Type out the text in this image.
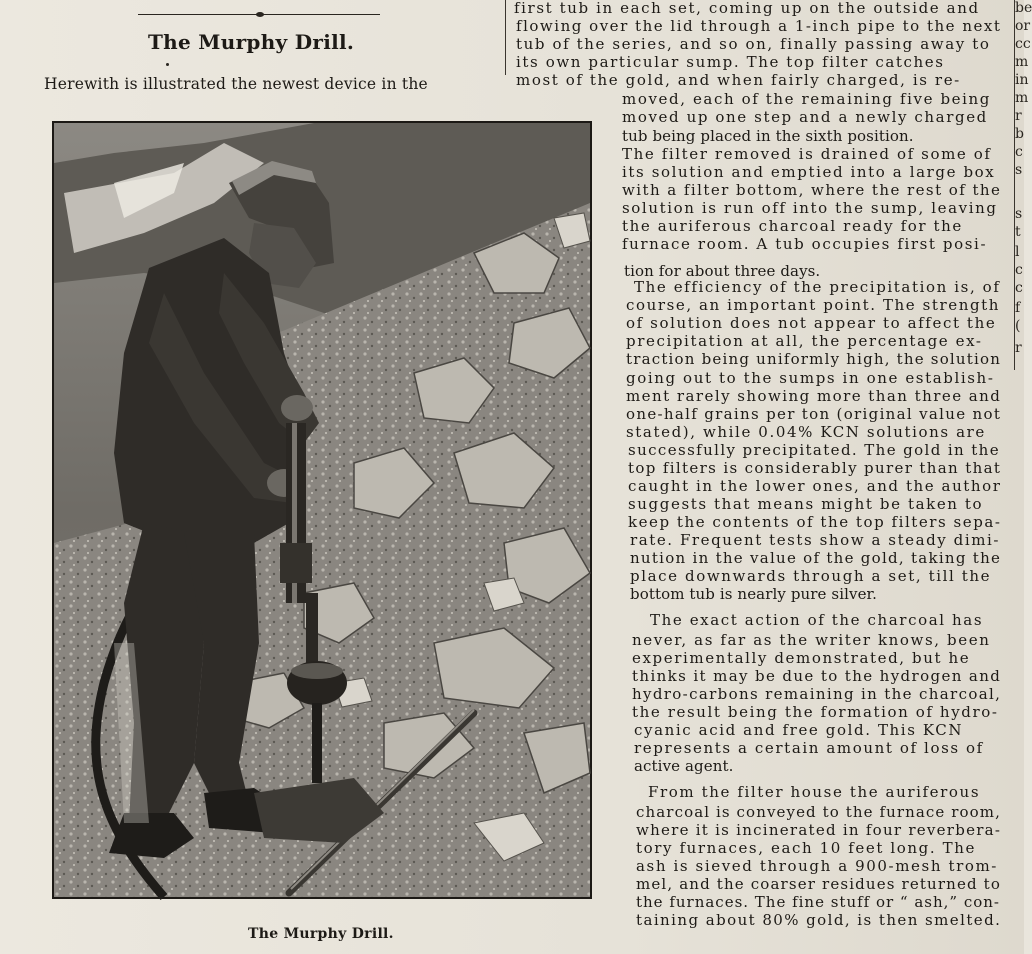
The Murphy Drill.
Herewith is illustrated the newest device in the
The Murphy Drill.
first tub in each set, coming up on the outside and
flowing over the lid through a 1-inch pipe to the next
tub of the series, and so on, finally passing away to
its own particular sump. The top filter catches
most of the gold, and when fairly charged, is re-
moved, each of the remaining five being
moved up one step and a newly charged
tub being placed in the sixth position.
The filter removed is drained of some of
its solution and emptied into a large box
with a filter bottom, where the rest of the
solution is run off into the sump, leaving
the auriferous charcoal ready for the
furnace room. A tub occupies first posi-
tion for about three days.
The efficiency of the precipitation is, of
course, an important point. The strength
of solution does not appear to affect the
precipitation at all, the percentage ex-
traction being uniformly high, the solution
going out to the sumps in one establish-
ment rarely showing more than three and
one-half grains per ton (original value not
stated), while 0.04% KCN solutions are
successfully precipitated. The gold in the
top filters is considerably purer than that
caught in the lower ones, and the author
suggests that means might be taken to
keep the contents of the top filters sepa-
rate. Frequent tests show a steady dimi-
nution in the value of the gold, taking the
place downwards through a set, till the
bottom tub is nearly pure silver.
The exact action of the charcoal has
never, as far as the writer knows, been
experimentally demonstrated, but he
thinks it may be due to the hydrogen and
hydro-carbons remaining in the charcoal,
the result being the formation of hydro-
cyanic acid and free gold. This KCN
represents a certain amount of loss of
active agent.
From the filter house the auriferous
charcoal is conveyed to the furnace room,
where it is incinerated in four reverbera-
tory furnaces, each 10 feet long. The
ash is sieved through a 900-mesh trom-
mel, and the coarser residues returned to
the furnaces. The fine stuff or “ ash,” con-
taining about 80% gold, is then smelted.
be
or
cc
m
in
m
r
b
c
s
s
t
l
c
c
f
(
r
